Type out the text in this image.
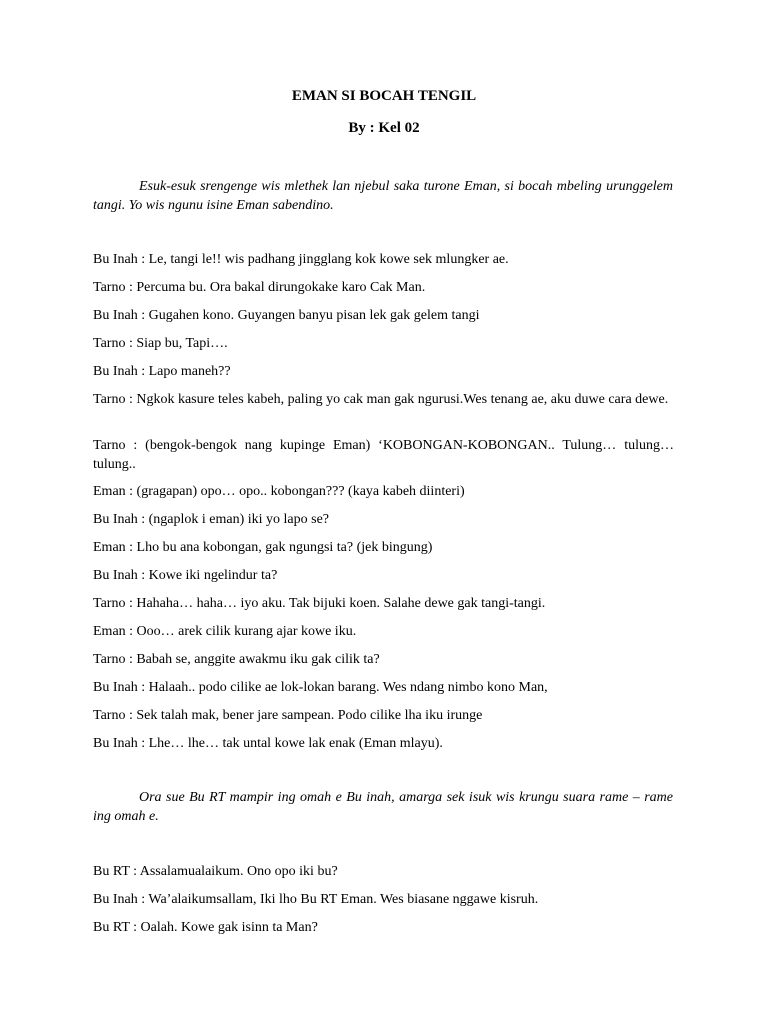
EMAN SI BOCAH TENGIL
By : Kel 02

Esuk-esuk srengenge wis mlethek lan njebul saka turone Eman, si bocah mbeling urunggelem tangi. Yo wis ngunu isine Eman sabendino.

Bu Inah : Le, tangi le!! wis padhang jingglang kok kowe sek mlungker ae.

Tarno : Percuma bu. Ora bakal dirungokake karo Cak Man.

Bu Inah : Gugahen kono. Guyangen banyu pisan lek gak gelem tangi

Tarno : Siap bu, Tapi….

Bu Inah : Lapo maneh??

Tarno : Ngkok kasure teles kabeh, paling yo cak man gak ngurusi.Wes tenang ae, aku duwe cara dewe.

Tarno : (bengok-bengok nang kupinge Eman) ‘KOBONGAN-KOBONGAN.. Tulung… tulung… tulung..

Eman : (gragapan) opo… opo.. kobongan??? (kaya kabeh diinteri)

Bu Inah : (ngaplok i eman) iki yo lapo se?

Eman : Lho bu ana kobongan, gak ngungsi ta? (jek bingung)

Bu Inah : Kowe iki ngelindur ta?

Tarno : Hahaha… haha… iyo aku. Tak bijuki koen. Salahe dewe gak tangi-tangi.

Eman : Ooo… arek cilik kurang ajar kowe iku.

Tarno : Babah se, anggite awakmu iku gak cilik ta?

Bu Inah : Halaah.. podo cilike ae lok-lokan barang. Wes ndang nimbo kono Man,

Tarno : Sek talah mak, bener jare sampean. Podo cilike lha iku irunge

Bu Inah : Lhe… lhe… tak untal kowe lak enak (Eman mlayu).

Ora sue Bu RT mampir ing omah e Bu inah, amarga sek isuk wis krungu suara rame – rame ing omah e.

Bu RT : Assalamualaikum. Ono opo iki bu?

Bu Inah : Wa’alaikumsallam, Iki lho Bu RT Eman. Wes biasane nggawe kisruh.

Bu RT : Oalah. Kowe gak isinn ta Man?
